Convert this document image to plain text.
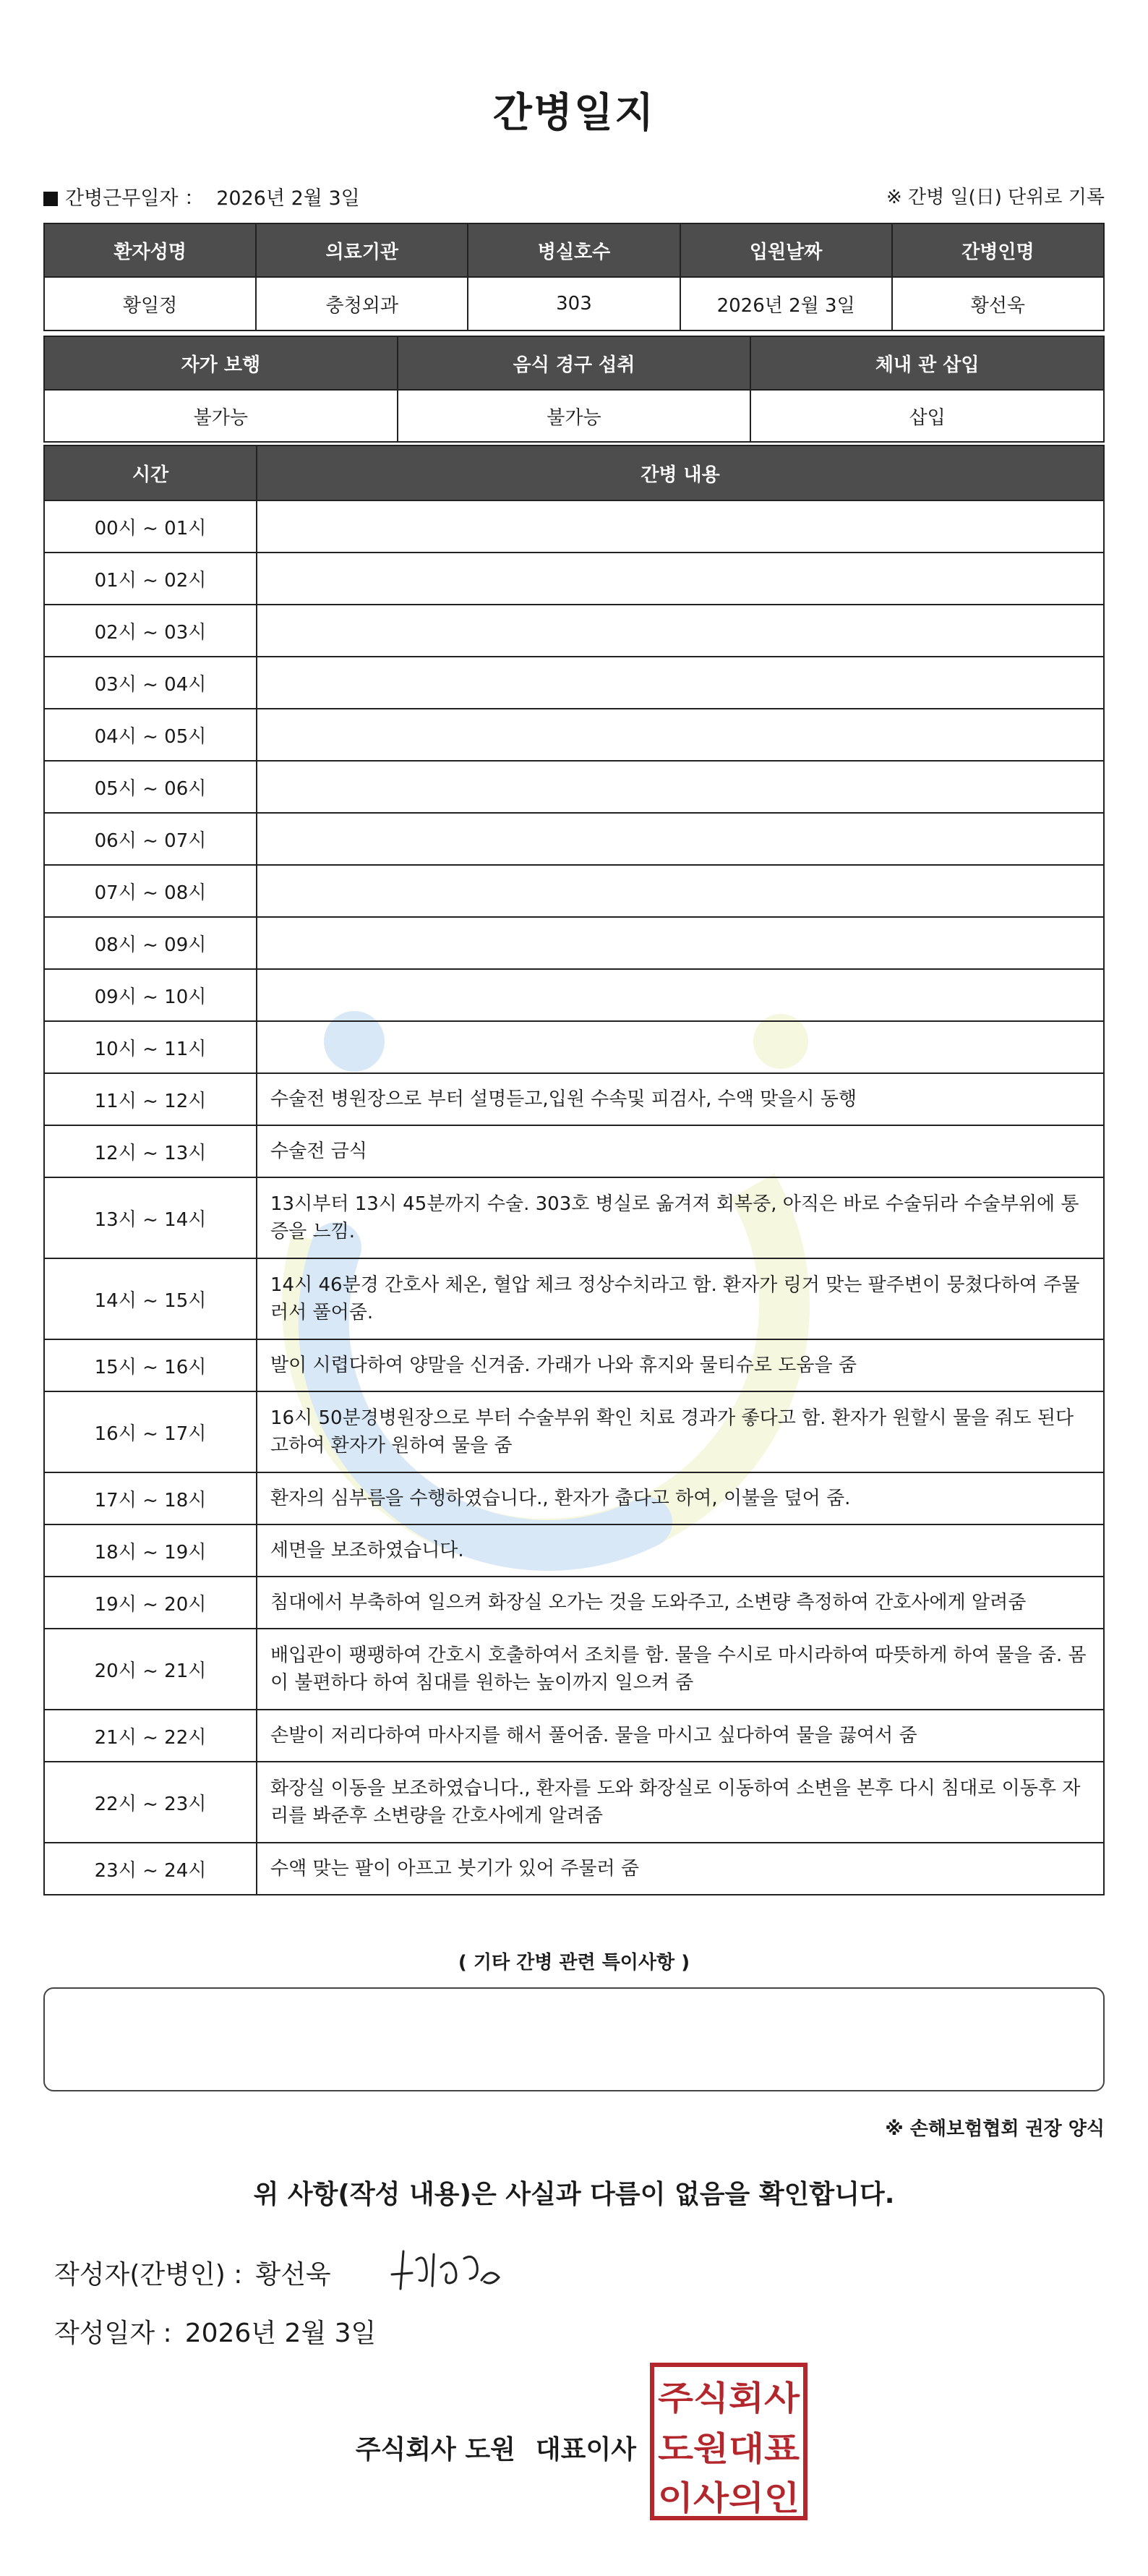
간병일지
간병근무일자 ： 2026년 2월 3일	※ 간병 일(日) 단위로 기록
환자성명	의료기관	병실호수	입원날짜	간병인명
황일정	충청외과	303	2026년 2월 3일	황선욱
자가 보행	음식 경구 섭취	체내 관 삽입
불가능	불가능	삽입
시간	간병 내용
00시 ~ 01시	
01시 ~ 02시	
02시 ~ 03시	
03시 ~ 04시	
04시 ~ 05시	
05시 ~ 06시	
06시 ~ 07시	
07시 ~ 08시	
08시 ~ 09시	
09시 ~ 10시	
10시 ~ 11시	
11시 ~ 12시	수술전 병원장으로 부터 설명듣고,입원 수속및 피검사, 수액 맞을시 동행
12시 ~ 13시	수술전 금식
13시 ~ 14시	13시부터 13시 45분까지 수술. 303호 병실로 옮겨져 회복중, 아직은 바로 수술뒤라 수술부위에 통증을 느낌.
14시 ~ 15시	14시 46분경 간호사 체온, 혈압 체크 정상수치라고 함. 환자가 링거 맞는 팔주변이 뭉쳤다하여 주물러서 풀어줌.
15시 ~ 16시	발이 시렵다하여 양말을 신겨줌. 가래가 나와 휴지와 물티슈로 도움을 줌
16시 ~ 17시	16시 50분경병원장으로 부터 수술부위 확인 치료 경과가 좋다고 함. 환자가 원할시 물을 줘도 된다고하여 환자가 원하여 물을 줌
17시 ~ 18시	환자의 심부름을 수행하였습니다., 환자가 춥다고 하여, 이불을 덮어 줌.
18시 ~ 19시	세면을 보조하였습니다.
19시 ~ 20시	침대에서 부축하여 일으켜 화장실 오가는 것을 도와주고, 소변량 측정하여 간호사에게 알려줌
20시 ~ 21시	배입관이 팽팽하여 간호시 호출하여서 조치를 함. 물을 수시로 마시라하여 따뜻하게 하여 물을 줌. 몸이 불편하다 하여 침대를 원하는 높이까지 일으켜 줌
21시 ~ 22시	손발이 저리다하여 마사지를 해서 풀어줌. 물을 마시고 싶다하여 물을 끓여서 줌
22시 ~ 23시	화장실 이동을 보조하였습니다., 환자를 도와 화장실로 이동하여 소변을 본후 다시 침대로 이동후 자리를 봐준후 소변량을 간호사에게 알려줌
23시 ~ 24시	수액 맞는 팔이 아프고 붓기가 있어 주물러 줌
( 기타 간병 관련 특이사항 )
※ 손해보험협회 권장 양식
위 사항(작성 내용)은 사실과 다름이 없음을 확인합니다.
작성자(간병인) : 황선욱
작성일자 : 2026년 2월 3일
주식회사 도원 대표이사
주식회사
도원대표
이사의인
